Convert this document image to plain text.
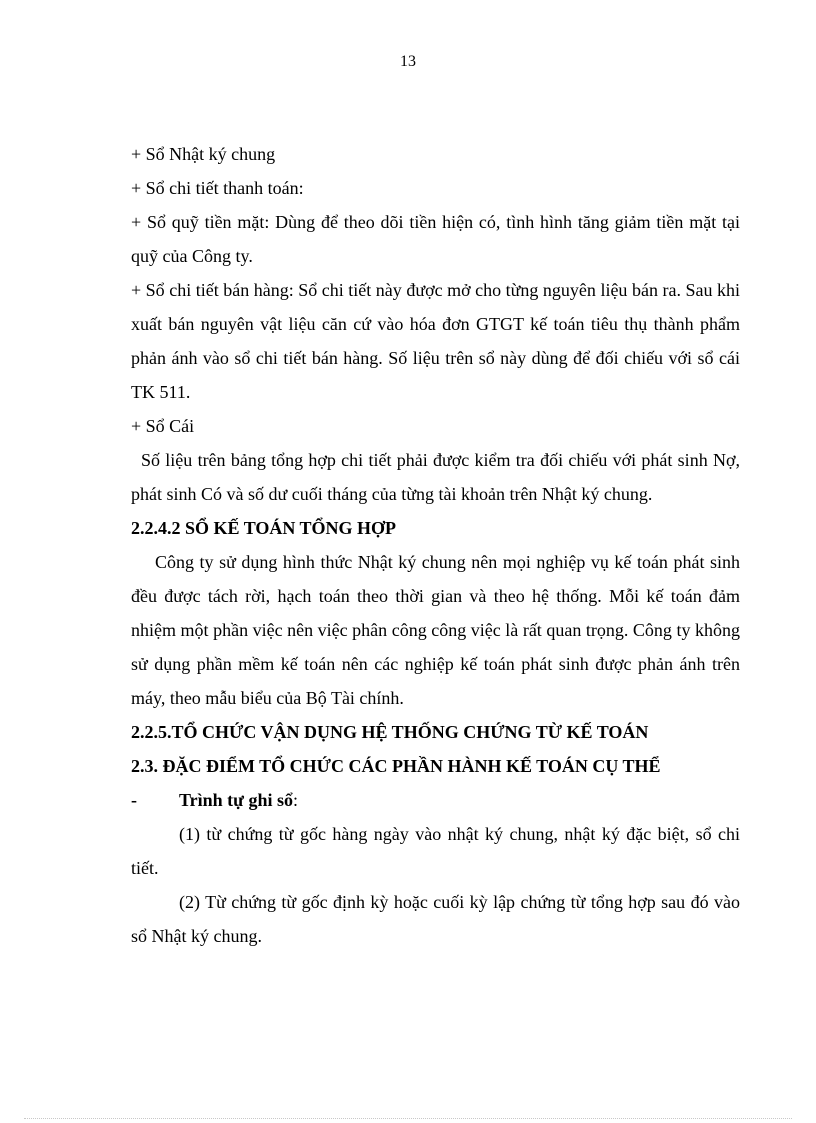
13

+ Sổ Nhật ký chung

+ Sổ chi tiết thanh toán:

+ Sổ quỹ tiền mặt: Dùng để theo dõi tiền hiện có, tình hình tăng giảm tiền mặt tại quỹ của Công ty.

+ Sổ chi tiết bán hàng: Sổ chi tiết này được mở cho từng nguyên liệu bán ra. Sau khi xuất bán nguyên vật liệu căn cứ vào hóa đơn GTGT kế toán tiêu thụ thành phẩm phản ánh vào sổ chi tiết bán hàng. Số liệu trên sổ này dùng để đối chiếu với sổ cái TK 511.

+ Sổ Cái

Số liệu trên bảng tổng hợp chi tiết phải được kiểm tra đối chiếu với phát sinh Nợ, phát sinh Có và số dư cuối tháng của từng tài khoản trên Nhật ký chung.

2.2.4.2 SỔ KẾ TOÁN TỔNG HỢP

Công ty sử dụng hình thức Nhật ký chung nên mọi nghiệp vụ kế toán phát sinh đều được tách rời, hạch toán theo thời gian và theo hệ thống. Mỗi kế toán đảm nhiệm một phần việc nên việc phân công công việc là rất quan trọng. Công ty không sử dụng phần mềm kế toán nên các nghiệp kế toán phát sinh được phản ánh trên máy, theo mẫu biểu của Bộ Tài chính.

2.2.5.TỔ CHỨC VẬN DỤNG HỆ THỐNG CHỨNG TỪ KẾ TOÁN

2.3. ĐẶC ĐIỂM TỔ CHỨC CÁC PHẦN HÀNH KẾ TOÁN CỤ THỂ

-	Trình tự ghi sổ:

(1) từ chứng từ gốc hàng ngày vào nhật ký chung, nhật ký đặc biệt, sổ chi tiết.

(2) Từ chứng từ gốc định kỳ hoặc cuối kỳ lập chứng từ tổng hợp sau đó vào sổ Nhật ký chung.
